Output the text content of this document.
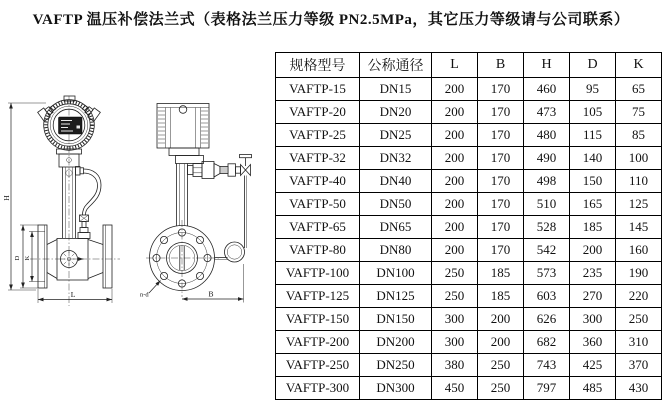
VAFTP 温压补偿法兰式（表格法兰压力等级 PN2.5MPa，其它压力等级请与公司联系）
H
D K
L	n-d	B
规格型号	公称通径	L	B	H	D	K
VAFTP-15	DN15	200	170	460	95	65
VAFTP-20	DN20	200	170	473	105	75
VAFTP-25	DN25	200	170	480	115	85
VAFTP-32	DN32	200	170	490	140	100
VAFTP-40	DN40	200	170	498	150	110
VAFTP-50	DN50	200	170	510	165	125
VAFTP-65	DN65	200	170	528	185	145
VAFTP-80	DN80	200	170	542	200	160
VAFTP-100	DN100	250	185	573	235	190
VAFTP-125	DN125	250	185	603	270	220
VAFTP-150	DN150	300	200	626	300	250
VAFTP-200	DN200	300	200	682	360	310
VAFTP-250	DN250	380	250	743	425	370
VAFTP-300	DN300	450	250	797	485	430
